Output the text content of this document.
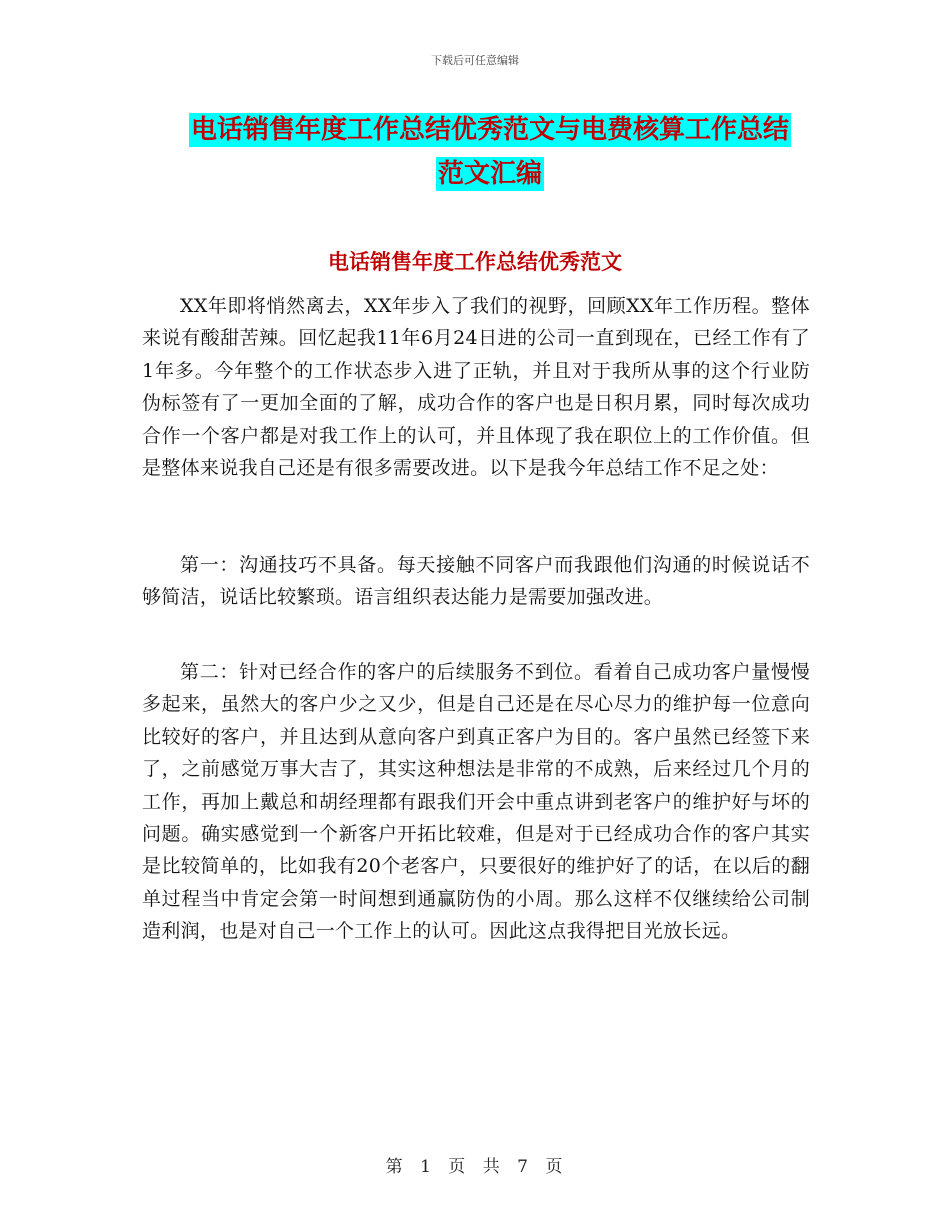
下载后可任意编辑
电话销售年度工作总结优秀范文与电费核算工作总结
范文汇编
电话销售年度工作总结优秀范文

XX年即将悄然离去，XX年步入了我们的视野，回顾XX年工作历程。整体来说有酸甜苦辣。回忆起我11年6月24日进的公司一直到现在，已经工作有了1年多。今年整个的工作状态步入进了正轨，并且对于我所从事的这个行业防伪标签有了一更加全面的了解，成功合作的客户也是日积月累，同时每次成功合作一个客户都是对我工作上的认可，并且体现了我在职位上的工作价值。但是整体来说我自己还是有很多需要改进。以下是我今年总结工作不足之处：

第一：沟通技巧不具备。每天接触不同客户而我跟他们沟通的时候说话不够简洁，说话比较繁琐。语言组织表达能力是需要加强改进。

第二：针对已经合作的客户的后续服务不到位。看着自己成功客户量慢慢多起来，虽然大的客户少之又少，但是自己还是在尽心尽力的维护每一位意向比较好的客户，并且达到从意向客户到真正客户为目的。客户虽然已经签下来了，之前感觉万事大吉了，其实这种想法是非常的不成熟，后来经过几个月的工作，再加上戴总和胡经理都有跟我们开会中重点讲到老客户的维护好与坏的问题。确实感觉到一个新客户开拓比较难，但是对于已经成功合作的客户其实是比较简单的，比如我有20个老客户，只要很好的维护好了的话，在以后的翻单过程当中肯定会第一时间想到通赢防伪的小周。那么这样不仅继续给公司制造利润，也是对自己一个工作上的认可。因此这点我得把目光放长远。

第 1 页 共 7 页
